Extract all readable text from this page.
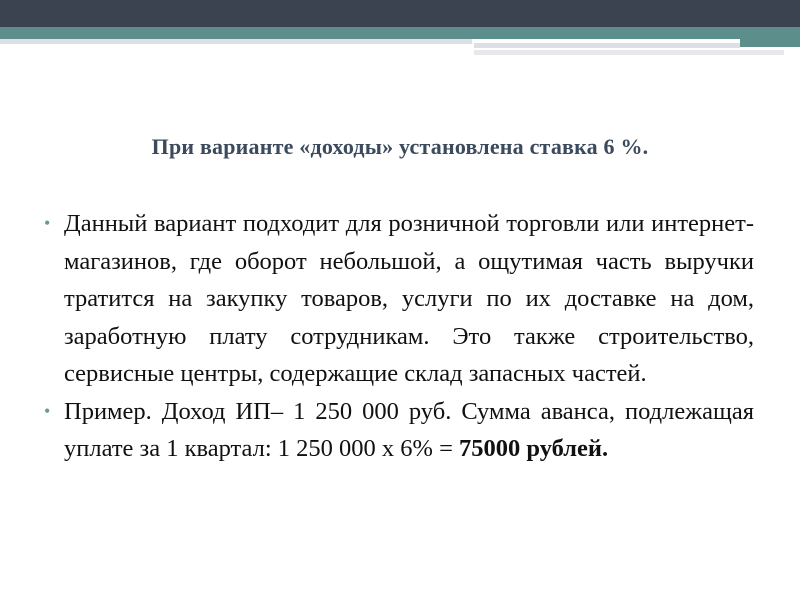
При варианте «доходы» установлена ставка 6 %.
• Данный вариант подходит для розничной торговли или интернет-магазинов, где оборот небольшой, а ощутимая часть выручки тратится на закупку товаров, услуги по их доставке на дом, заработную плату сотрудникам. Это также строительство, сервисные центры, содержащие склад запасных частей.
• Пример. Доход ИП– 1 250 000 руб. Сумма аванса, подлежащая уплате за 1 квартал: 1 250 000 х 6% = 75000 рублей.
